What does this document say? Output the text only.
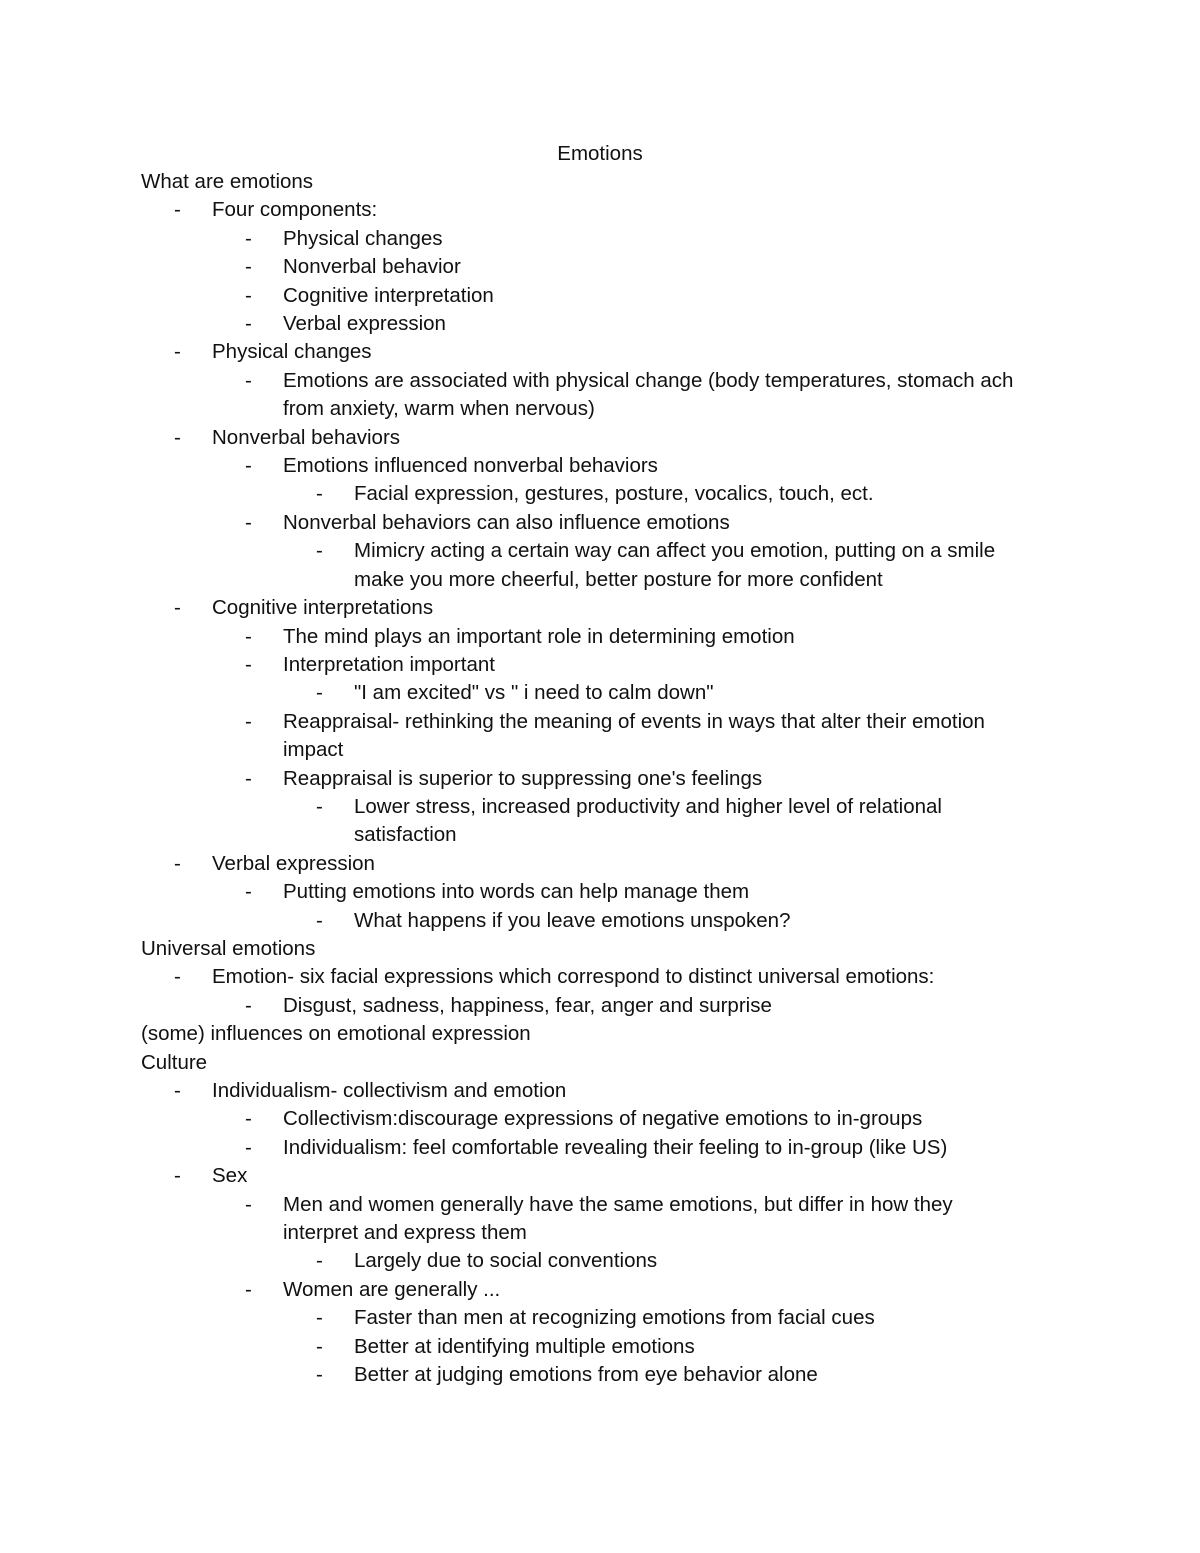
Emotions
What are emotions
- Four components:
- Physical changes
- Nonverbal behavior
- Cognitive interpretation
- Verbal expression
- Physical changes
- Emotions are associated with physical change (body temperatures, stomach ach
from anxiety, warm when nervous)
- Nonverbal behaviors
- Emotions influenced nonverbal behaviors
- Facial expression, gestures, posture, vocalics, touch, ect.
- Nonverbal behaviors can also influence emotions
- Mimicry acting a certain way can affect you emotion, putting on a smile
make you more cheerful, better posture for more confident
- Cognitive interpretations
- The mind plays an important role in determining emotion
- Interpretation important
- "I am excited" vs " i need to calm down"
- Reappraisal- rethinking the meaning of events in ways that alter their emotion
impact
- Reappraisal is superior to suppressing one's feelings
- Lower stress, increased productivity and higher level of relational
satisfaction
- Verbal expression
- Putting emotions into words can help manage them
- What happens if you leave emotions unspoken?
Universal emotions
- Emotion- six facial expressions which correspond to distinct universal emotions:
- Disgust, sadness, happiness, fear, anger and surprise
(some) influences on emotional expression
Culture
- Individualism- collectivism and emotion
- Collectivism:discourage expressions of negative emotions to in-groups
- Individualism: feel comfortable revealing their feeling to in-group (like US)
- Sex
- Men and women generally have the same emotions, but differ in how they
interpret and express them
- Largely due to social conventions
- Women are generally ...
- Faster than men at recognizing emotions from facial cues
- Better at identifying multiple emotions
- Better at judging emotions from eye behavior alone
